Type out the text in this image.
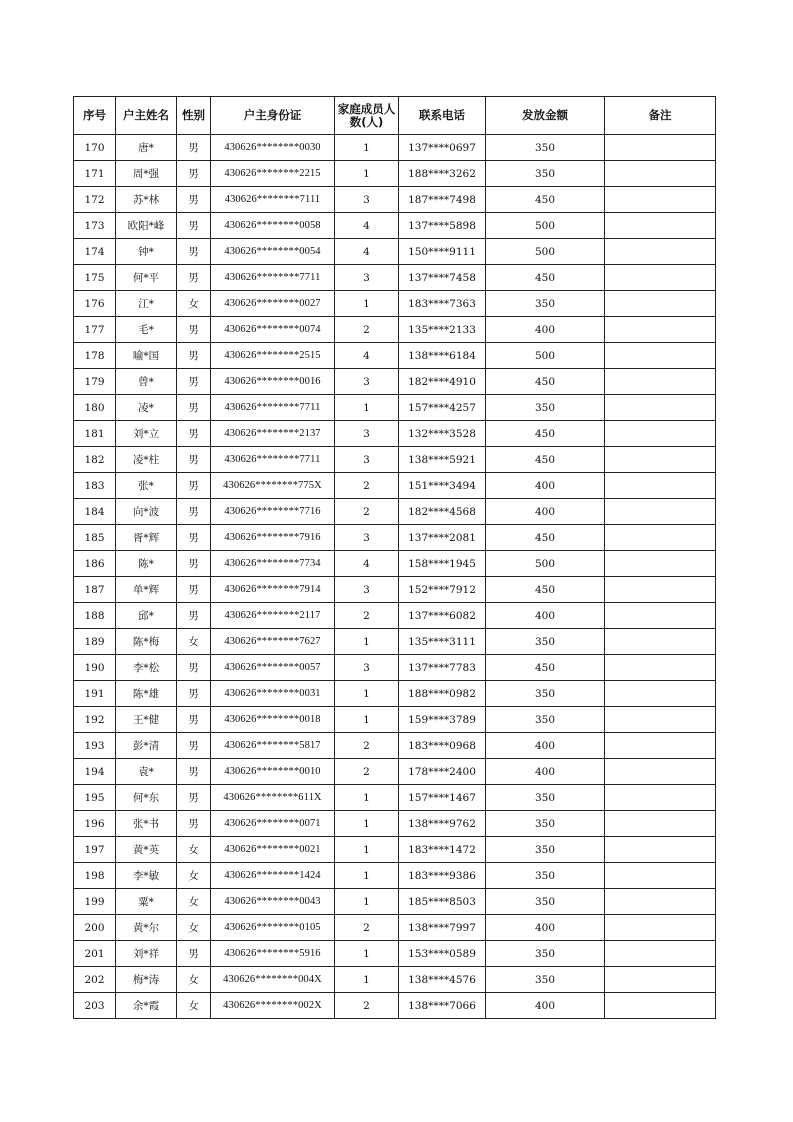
序号	户主姓名	性别	户主身份证	家庭成员人数(人)	联系电话	发放金额	备注
170	唐*	男	430626********0030	1	137****0697	350	
171	周*强	男	430626********2215	1	188****3262	350	
172	苏*林	男	430626********7111	3	187****7498	450	
173	欧阳*峰	男	430626********0058	4	137****5898	500	
174	钟*	男	430626********0054	4	150****9111	500	
175	何*平	男	430626********7711	3	137****7458	450	
176	江*	女	430626********0027	1	183****7363	350	
177	毛*	男	430626********0074	2	135****2133	400	
178	喻*国	男	430626********2515	4	138****6184	500	
179	曾*	男	430626********0016	3	182****4910	450	
180	凌*	男	430626********7711	1	157****4257	350	
181	刘*立	男	430626********2137	3	132****3528	450	
182	凌*柱	男	430626********7711	3	138****5921	450	
183	张*	男	430626********775X	2	151****3494	400	
184	向*波	男	430626********7716	2	182****4568	400	
185	胥*辉	男	430626********7916	3	137****2081	450	
186	陈*	男	430626********7734	4	158****1945	500	
187	单*辉	男	430626********7914	3	152****7912	450	
188	邱*	男	430626********2117	2	137****6082	400	
189	陈*梅	女	430626********7627	1	135****3111	350	
190	李*松	男	430626********0057	3	137****7783	450	
191	陈*雄	男	430626********0031	1	188****0982	350	
192	王*健	男	430626********0018	1	159****3789	350	
193	彭*清	男	430626********5817	2	183****0968	400	
194	袁*	男	430626********0010	2	178****2400	400	
195	何*东	男	430626********611X	1	157****1467	350	
196	张*书	男	430626********0071	1	138****9762	350	
197	黄*英	女	430626********0021	1	183****1472	350	
198	李*敏	女	430626********1424	1	183****9386	350	
199	粟*	女	430626********0043	1	185****8503	350	
200	黄*尔	女	430626********0105	2	138****7997	400	
201	刘*祥	男	430626********5916	1	153****0589	350	
202	梅*涛	女	430626********004X	1	138****4576	350	
203	余*霞	女	430626********002X	2	138****7066	400	
